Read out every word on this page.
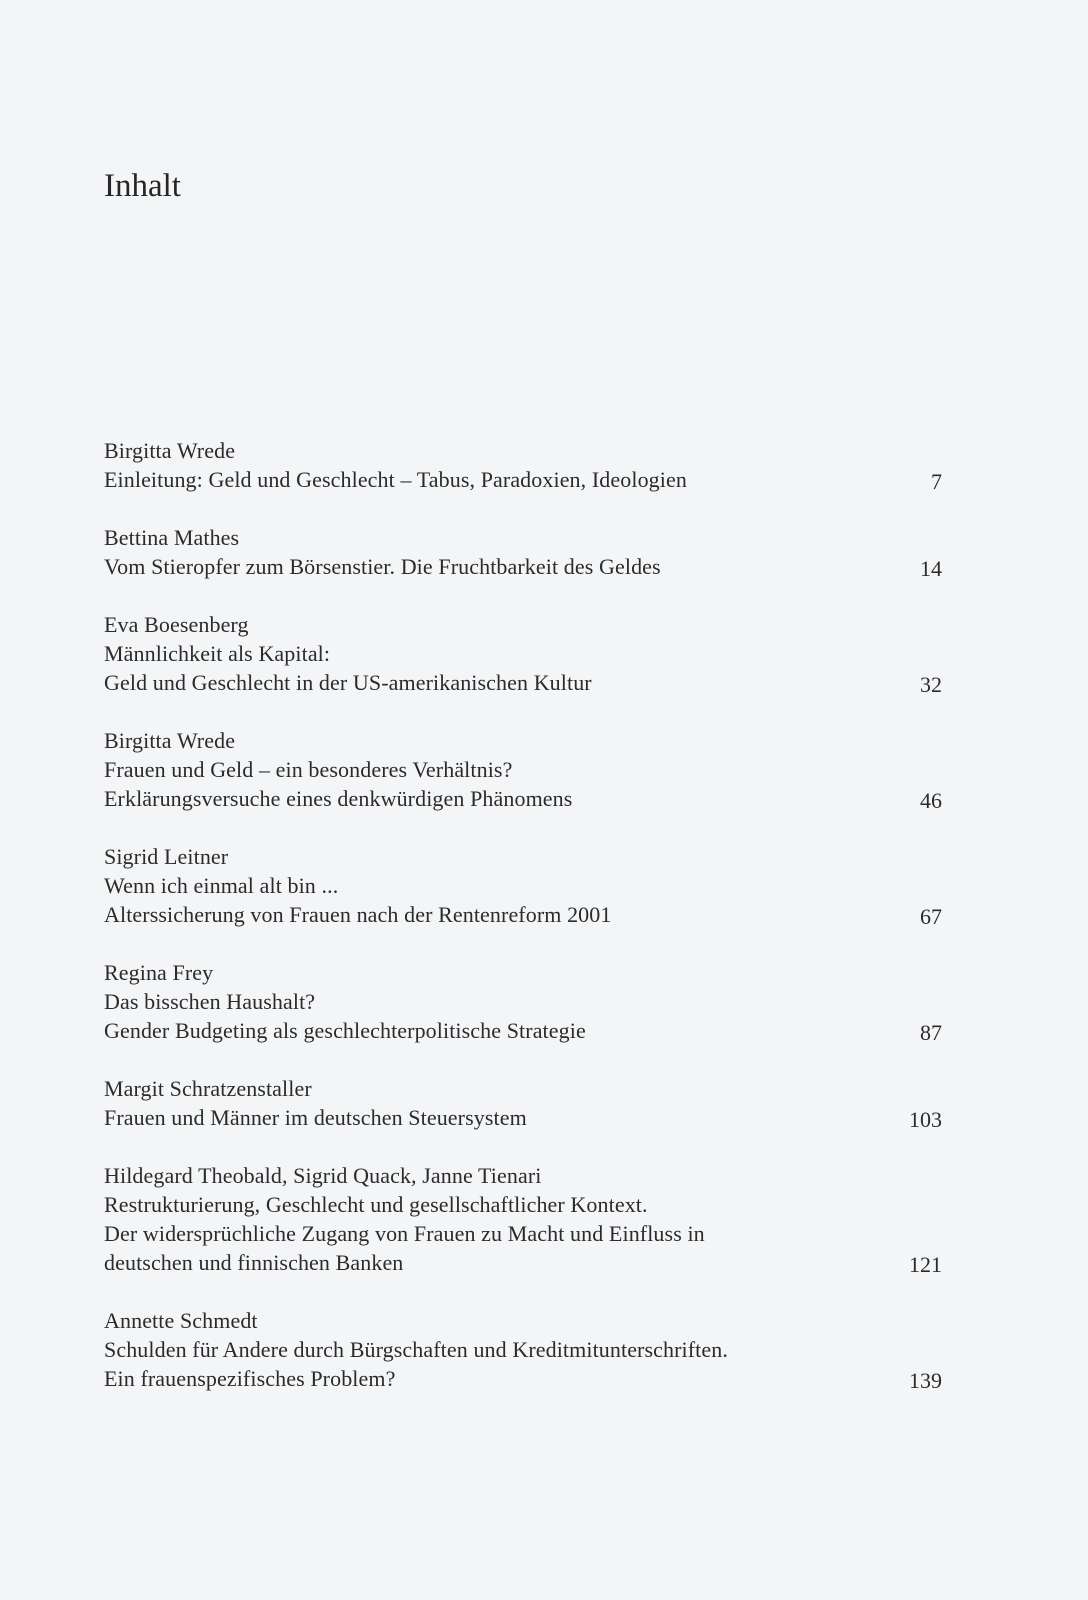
Inhalt
Birgitta Wrede
Einleitung: Geld und Geschlecht – Tabus, Paradoxien, Ideologien	7
Bettina Mathes
Vom Stieropfer zum Börsenstier. Die Fruchtbarkeit des Geldes	14
Eva Boesenberg
Männlichkeit als Kapital:
Geld und Geschlecht in der US-amerikanischen Kultur	32
Birgitta Wrede
Frauen und Geld – ein besonderes Verhältnis?
Erklärungsversuche eines denkwürdigen Phänomens	46
Sigrid Leitner
Wenn ich einmal alt bin ...
Alterssicherung von Frauen nach der Rentenreform 2001	67
Regina Frey
Das bisschen Haushalt?
Gender Budgeting als geschlechterpolitische Strategie	87
Margit Schratzenstaller
Frauen und Männer im deutschen Steuersystem	103
Hildegard Theobald, Sigrid Quack, Janne Tienari
Restrukturierung, Geschlecht und gesellschaftlicher Kontext.
Der widersprüchliche Zugang von Frauen zu Macht und Einfluss in
deutschen und finnischen Banken	121
Annette Schmedt
Schulden für Andere durch Bürgschaften und Kreditmitunterschriften.
Ein frauenspezifisches Problem?	139
